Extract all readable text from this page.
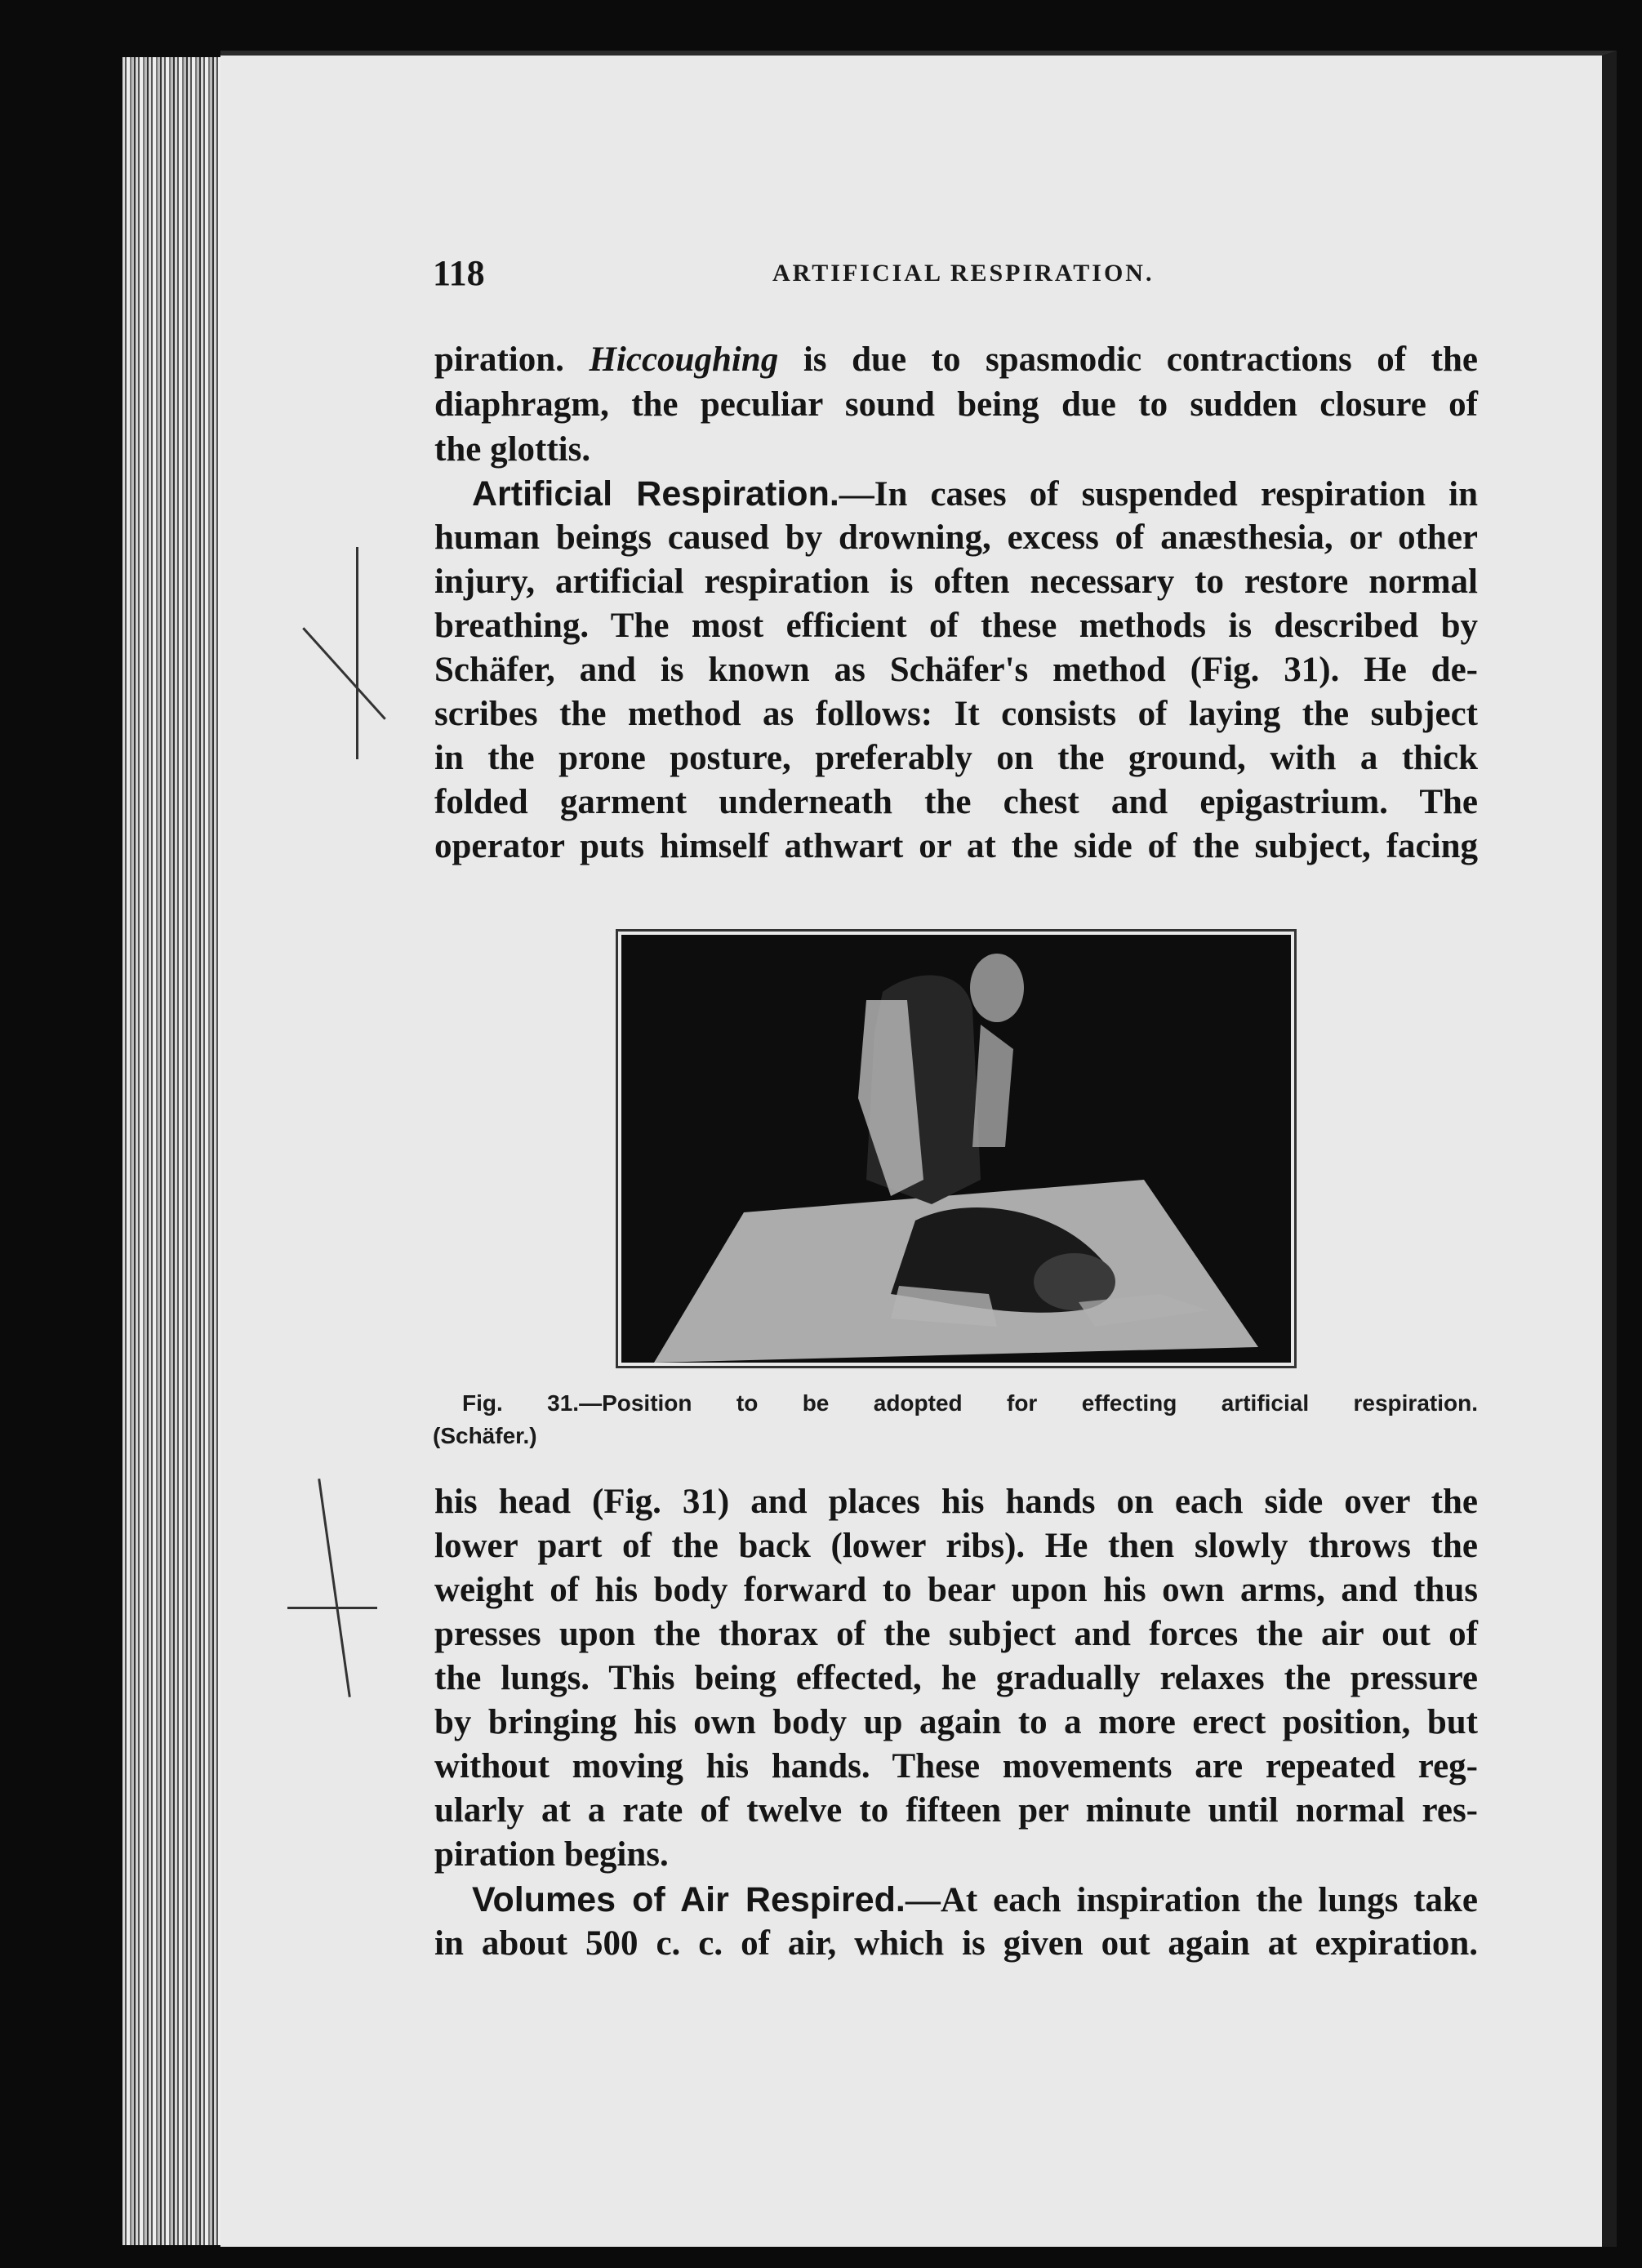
118	ARTIFICIAL RESPIRATION.
piration. Hiccoughing is due to spasmodic contractions of the
diaphragm, the peculiar sound being due to sudden closure of
the glottis.
Artificial Respiration.—In cases of suspended respiration in
human beings caused by drowning, excess of anæsthesia, or other
injury, artificial respiration is often necessary to restore normal
breathing. The most efficient of these methods is described by
Schäfer, and is known as Schäfer's method (Fig. 31). He de-
scribes the method as follows: It consists of laying the subject
in the prone posture, preferably on the ground, with a thick
folded garment underneath the chest and epigastrium. The
operator puts himself athwart or at the side of the subject, facing
Fig. 31.—Position to be adopted for effecting artificial respiration.
(Schäfer.)
his head (Fig. 31) and places his hands on each side over the
lower part of the back (lower ribs). He then slowly throws the
weight of his body forward to bear upon his own arms, and thus
presses upon the thorax of the subject and forces the air out of
the lungs. This being effected, he gradually relaxes the pressure
by bringing his own body up again to a more erect position, but
without moving his hands. These movements are repeated reg-
ularly at a rate of twelve to fifteen per minute until normal res-
piration begins.
Volumes of Air Respired.—At each inspiration the lungs take
in about 500 c. c. of air, which is given out again at expiration.
